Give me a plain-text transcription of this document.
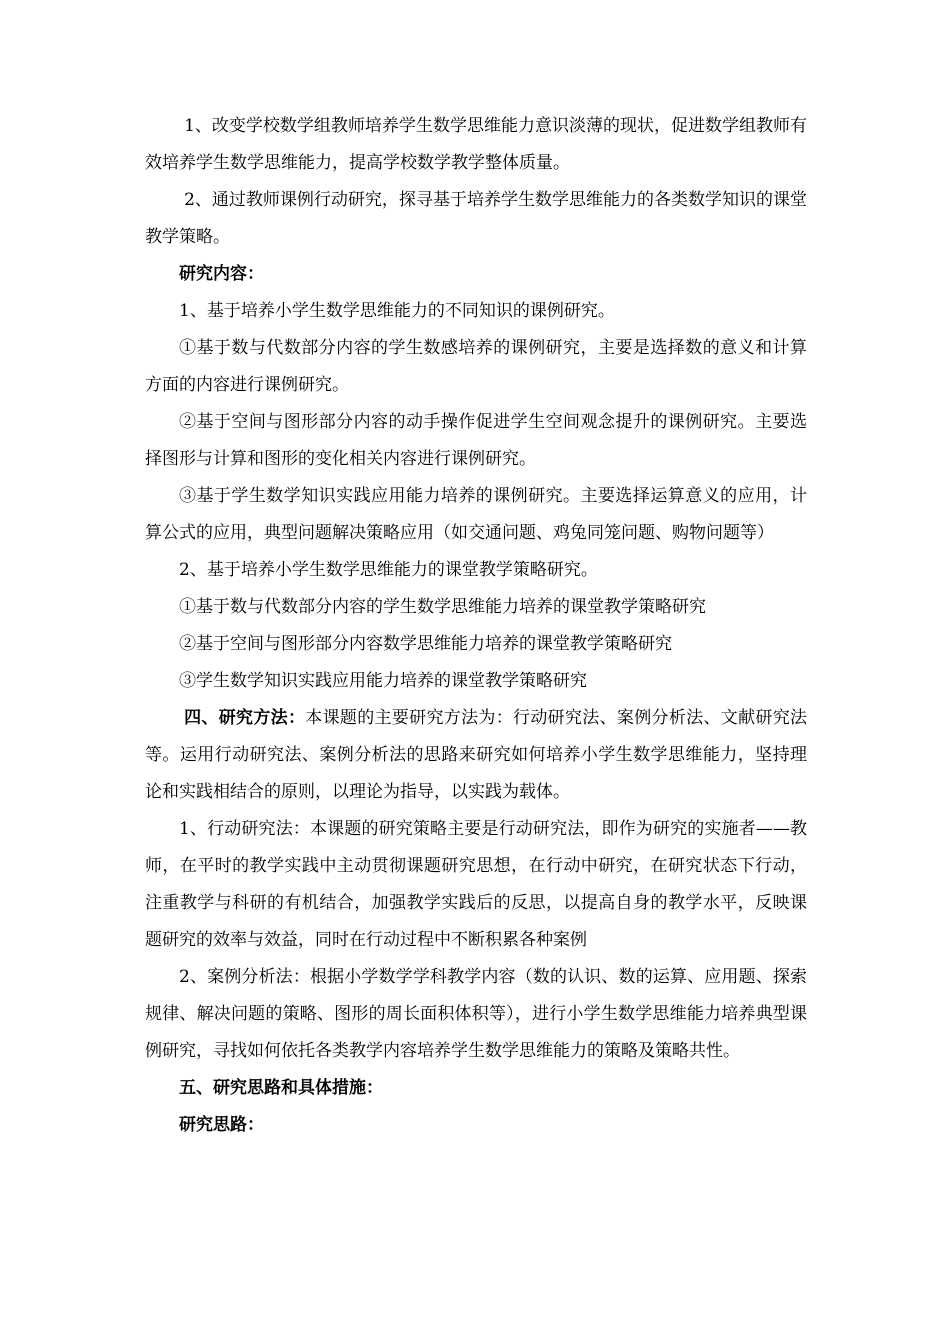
1、改变学校数学组教师培养学生数学思维能力意识淡薄的现状，促进数学组教师有效培养学生数学思维能力，提高学校数学教学整体质量。

2、通过教师课例行动研究，探寻基于培养学生数学思维能力的各类数学知识的课堂教学策略。

研究内容：

1、基于培养小学生数学思维能力的不同知识的课例研究。

①基于数与代数部分内容的学生数感培养的课例研究，主要是选择数的意义和计算方面的内容进行课例研究。

②基于空间与图形部分内容的动手操作促进学生空间观念提升的课例研究。主要选择图形与计算和图形的变化相关内容进行课例研究。

③基于学生数学知识实践应用能力培养的课例研究。主要选择运算意义的应用，计算公式的应用，典型问题解决策略应用（如交通问题、鸡兔同笼问题、购物问题等）

2、基于培养小学生数学思维能力的课堂教学策略研究。

①基于数与代数部分内容的学生数学思维能力培养的课堂教学策略研究

②基于空间与图形部分内容数学思维能力培养的课堂教学策略研究

③学生数学知识实践应用能力培养的课堂教学策略研究

四、研究方法：本课题的主要研究方法为：行动研究法、案例分析法、文献研究法等。运用行动研究法、案例分析法的思路来研究如何培养小学生数学思维能力，坚持理论和实践相结合的原则，以理论为指导，以实践为载体。

1、行动研究法：本课题的研究策略主要是行动研究法，即作为研究的实施者——教师，在平时的教学实践中主动贯彻课题研究思想，在行动中研究，在研究状态下行动，注重教学与科研的有机结合，加强教学实践后的反思，以提高自身的教学水平，反映课题研究的效率与效益，同时在行动过程中不断积累各种案例

2、案例分析法：根据小学数学学科教学内容（数的认识、数的运算、应用题、探索规律、解决问题的策略、图形的周长面积体积等），进行小学生数学思维能力培养典型课例研究，寻找如何依托各类教学内容培养学生数学思维能力的策略及策略共性。

五、研究思路和具体措施：

研究思路：
